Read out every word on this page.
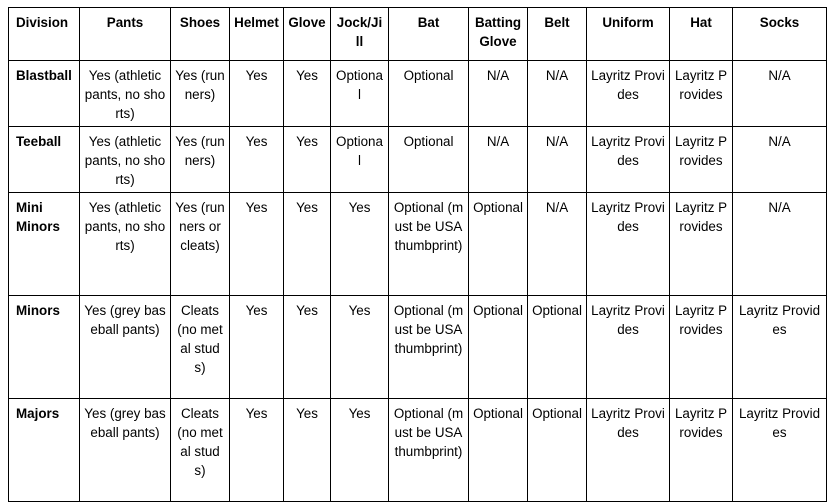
Division	Pants	Shoes	Helmet	Glove	Jock/Jill	Bat	Batting Glove	Belt	Uniform	Hat	Socks
Blastball	Yes (athletic pants, no shorts)	Yes (runners)	Yes	Yes	Optional	Optional	N/A	N/A	Layritz Provides	Layritz Provides	N/A
Teeball	Yes (athletic pants, no shorts)	Yes (runners)	Yes	Yes	Optional	Optional	N/A	N/A	Layritz Provides	Layritz Provides	N/A
Mini Minors	Yes (athletic pants, no shorts)	Yes (runners or cleats)	Yes	Yes	Yes	Optional (must be USA thumbprint)	Optional	N/A	Layritz Provides	Layritz Provides	N/A
Minors	Yes (grey baseball pants)	Cleats (no metal studs)	Yes	Yes	Yes	Optional (must be USA thumbprint)	Optional	Optional	Layritz Provides	Layritz Provides	Layritz Provides
Majors	Yes (grey baseball pants)	Cleats (no metal studs)	Yes	Yes	Yes	Optional (must be USA thumbprint)	Optional	Optional	Layritz Provides	Layritz Provides	Layritz Provides
